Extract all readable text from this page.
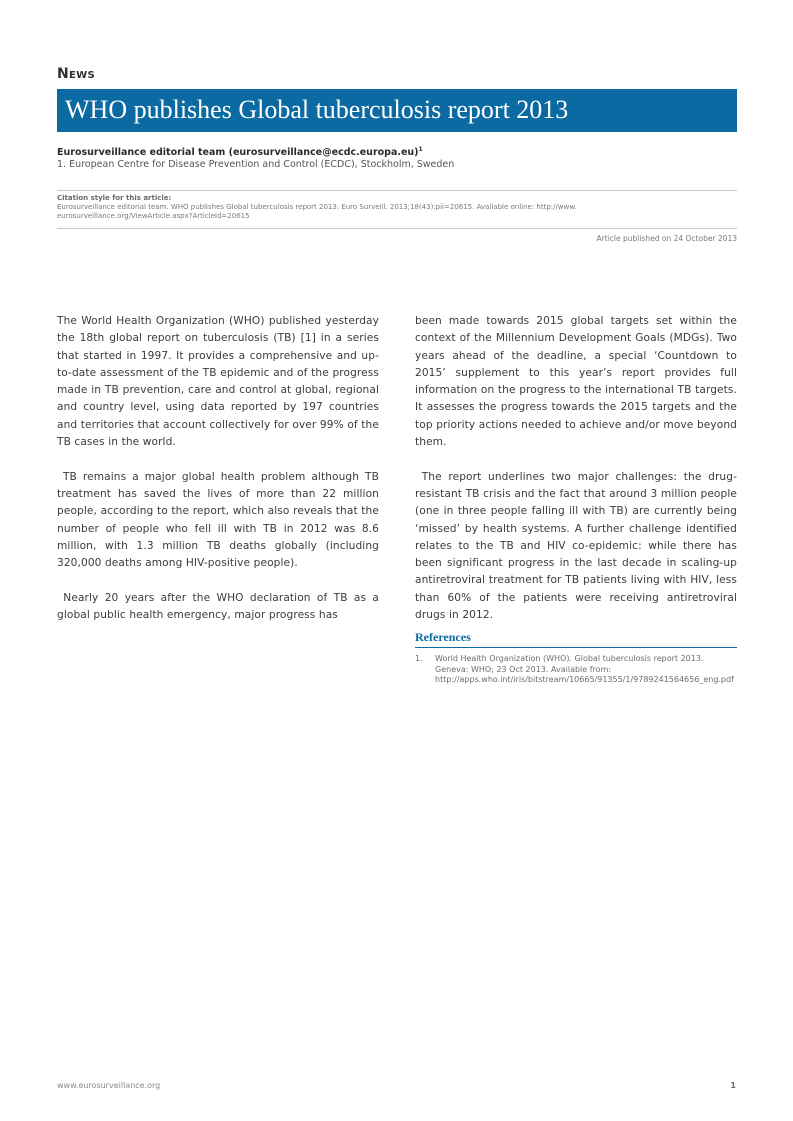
News
WHO publishes Global tuberculosis report 2013
Eurosurveillance editorial team (eurosurveillance@ecdc.europa.eu)$^1$
1. European Centre for Disease Prevention and Control (ECDC), Stockholm, Sweden
Citation style for this article:
Eurosurveillance editorial team. WHO publishes Global tuberculosis report 2013. Euro Surveill. 2013;18(43):pii=20615. Available online: http://www.
eurosurveillance.org/ViewArticle.aspx?ArticleId=20615
Article published on 24 October 2013

The World Health Organization (WHO) published yesterday the 18th global report on tuberculosis (TB) [1] in a series that started in 1997. It provides a comprehensive and up-to-date assessment of the TB epidemic and of the progress made in TB prevention, care and control at global, regional and country level, using data reported by 197 countries and territories that account collectively for over 99% of the TB cases in the world.

TB remains a major global health problem although TB treatment has saved the lives of more than 22 million people, according to the report, which also reveals that the number of people who fell ill with TB in 2012 was 8.6 million, with 1.3 million TB deaths globally (including 320,000 deaths among HIV-positive people).

Nearly 20 years after the WHO declaration of TB as a global public health emergency, major progress has

been made towards 2015 global targets set within the context of the Millennium Development Goals (MDGs). Two years ahead of the deadline, a special ‘Countdown to 2015’ supplement to this year’s report provides full information on the progress to the international TB targets. It assesses the progress towards the 2015 targets and the top priority actions needed to achieve and/or move beyond them.

The report underlines two major challenges: the drug-resistant TB crisis and the fact that around 3 million people (one in three people falling ill with TB) are currently being ‘missed’ by health systems. A further challenge identified relates to the TB and HIV co-epidemic: while there has been significant progress in the last decade in scaling-up antiretroviral treatment for TB patients living with HIV, less than 60% of the patients were receiving antiretroviral drugs in 2012.

References
1.	World Health Organization (WHO). Global tuberculosis report 2013. Geneva: WHO; 23 Oct 2013. Available from: http://apps.who.int/iris/bitstream/10665/91355/1/9789241564656_eng.pdf
www.eurosurveillance.org	1
